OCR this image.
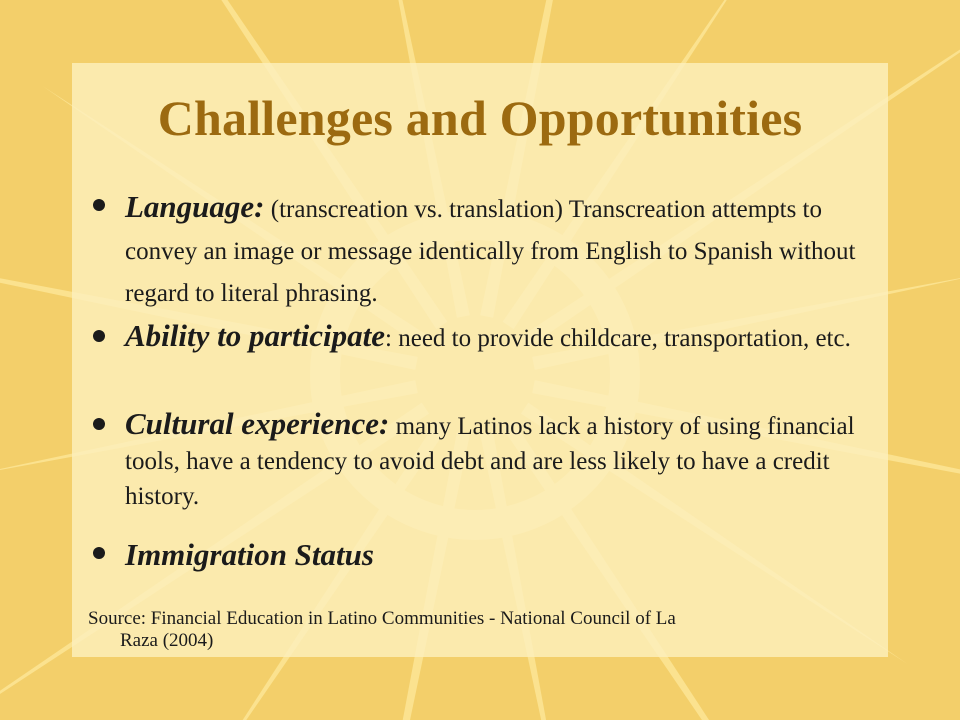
Challenges and Opportunities
Language: (transcreation vs. translation) Transcreation attempts to convey an image or message identically from English to Spanish without regard to literal phrasing.
Ability to participate: need to provide childcare, transportation, etc.
Cultural experience: many Latinos lack a history of using financial tools, have a tendency to avoid debt and are less likely to have a credit history.
Immigration Status

Source: Financial Education in Latino Communities - National Council of La
Raza (2004)
